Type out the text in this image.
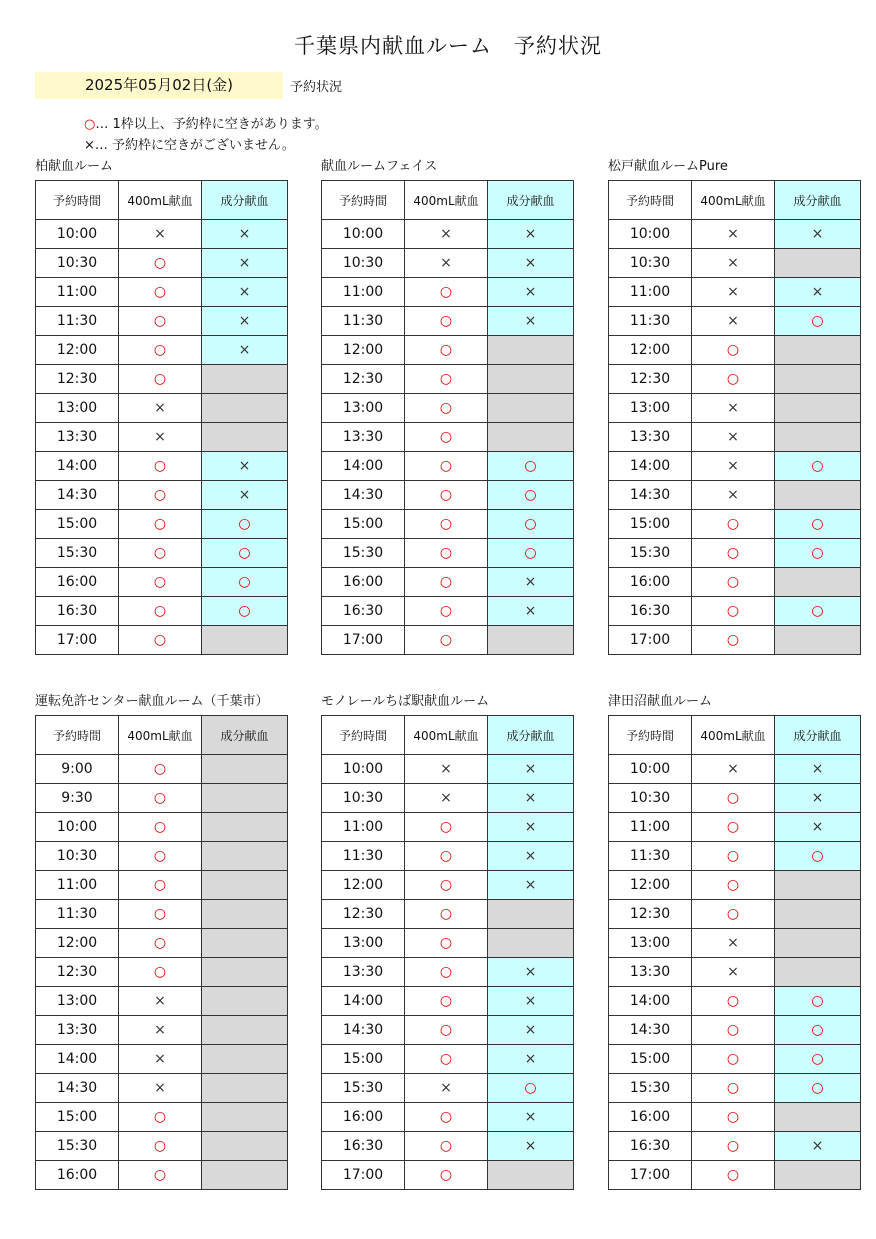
千葉県内献血ルーム　予約状況
2025年05月02日(金)	予約状況
○… 1枠以上、予約枠に空きがあります。
×… 予約枠に空きがございません。
柏献血ルーム
予約時間	400mL献血	成分献血
10:00	×	×
10:30	○	×
11:00	○	×
11:30	○	×
12:00	○	×
12:30	○	
13:00	×	
13:30	×	
14:00	○	×
14:30	○	×
15:00	○	○
15:30	○	○
16:00	○	○
16:30	○	○
17:00	○	
献血ルームフェイス
予約時間	400mL献血	成分献血
10:00	×	×
10:30	×	×
11:00	○	×
11:30	○	×
12:00	○	
12:30	○	
13:00	○	
13:30	○	
14:00	○	○
14:30	○	○
15:00	○	○
15:30	○	○
16:00	○	×
16:30	○	×
17:00	○	
松戸献血ルームPure
予約時間	400mL献血	成分献血
10:00	×	×
10:30	×	
11:00	×	×
11:30	×	○
12:00	○	
12:30	○	
13:00	×	
13:30	×	
14:00	×	○
14:30	×	
15:00	○	○
15:30	○	○
16:00	○	
16:30	○	○
17:00	○	
運転免許センター献血ルーム（千葉市）
予約時間	400mL献血	成分献血
9:00	○	
9:30	○	
10:00	○	
10:30	○	
11:00	○	
11:30	○	
12:00	○	
12:30	○	
13:00	×	
13:30	×	
14:00	×	
14:30	×	
15:00	○	
15:30	○	
16:00	○	
モノレールちば駅献血ルーム
予約時間	400mL献血	成分献血
10:00	×	×
10:30	×	×
11:00	○	×
11:30	○	×
12:00	○	×
12:30	○	
13:00	○	
13:30	○	×
14:00	○	×
14:30	○	×
15:00	○	×
15:30	×	○
16:00	○	×
16:30	○	×
17:00	○	
津田沼献血ルーム
予約時間	400mL献血	成分献血
10:00	×	×
10:30	○	×
11:00	○	×
11:30	○	○
12:00	○	
12:30	○	
13:00	×	
13:30	×	
14:00	○	○
14:30	○	○
15:00	○	○
15:30	○	○
16:00	○	
16:30	○	×
17:00	○	
